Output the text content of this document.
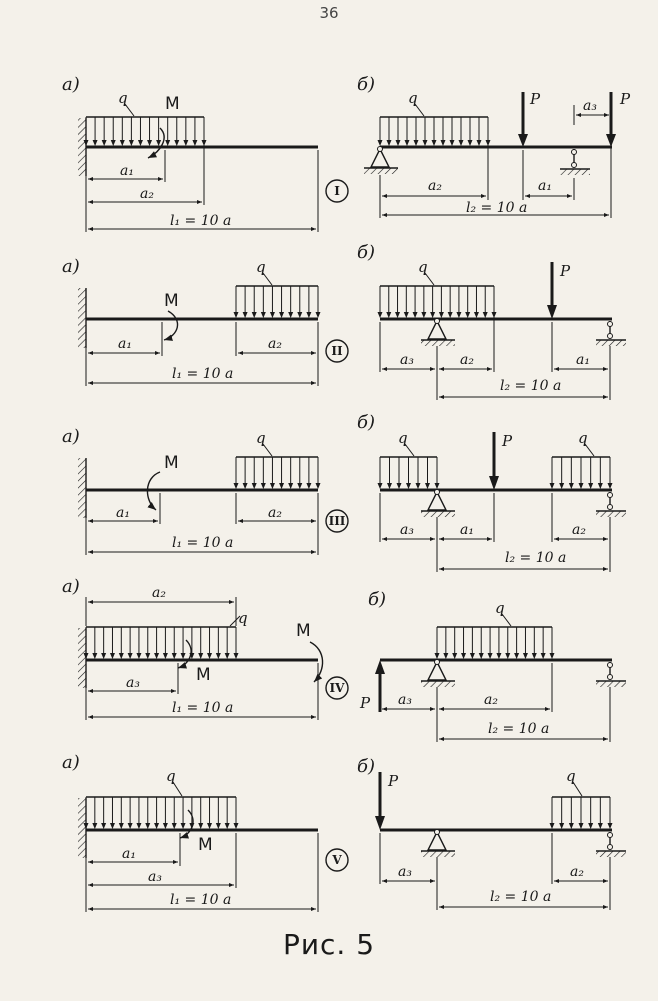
36
а)	б)
q M
a₁
a₂
l₁ = 10 a
q	P	P
a₂	a₁
a₃
l₂ = 10 a
I
а)
б)
q
M
a₁	a₂
l₁ = 10 a
q	P
a₃	a₂	a₁
l₂ = 10 a
II
а)
б)
q
M
a₁	a₂
l₁ = 10 a
q	q
P
a₃	a₁	a₂
l₂ = 10 a
III
а)
б)
q
a₂
M
M
a₃
l₁ = 10 a
IV
q
P a₃	a₂
l₂ = 10 a
а)	б)
q
M
a₁
a₃
l₁ = 10 a
V
q
P
a₃	a₂
l₂ = 10 a
Рис. 5
